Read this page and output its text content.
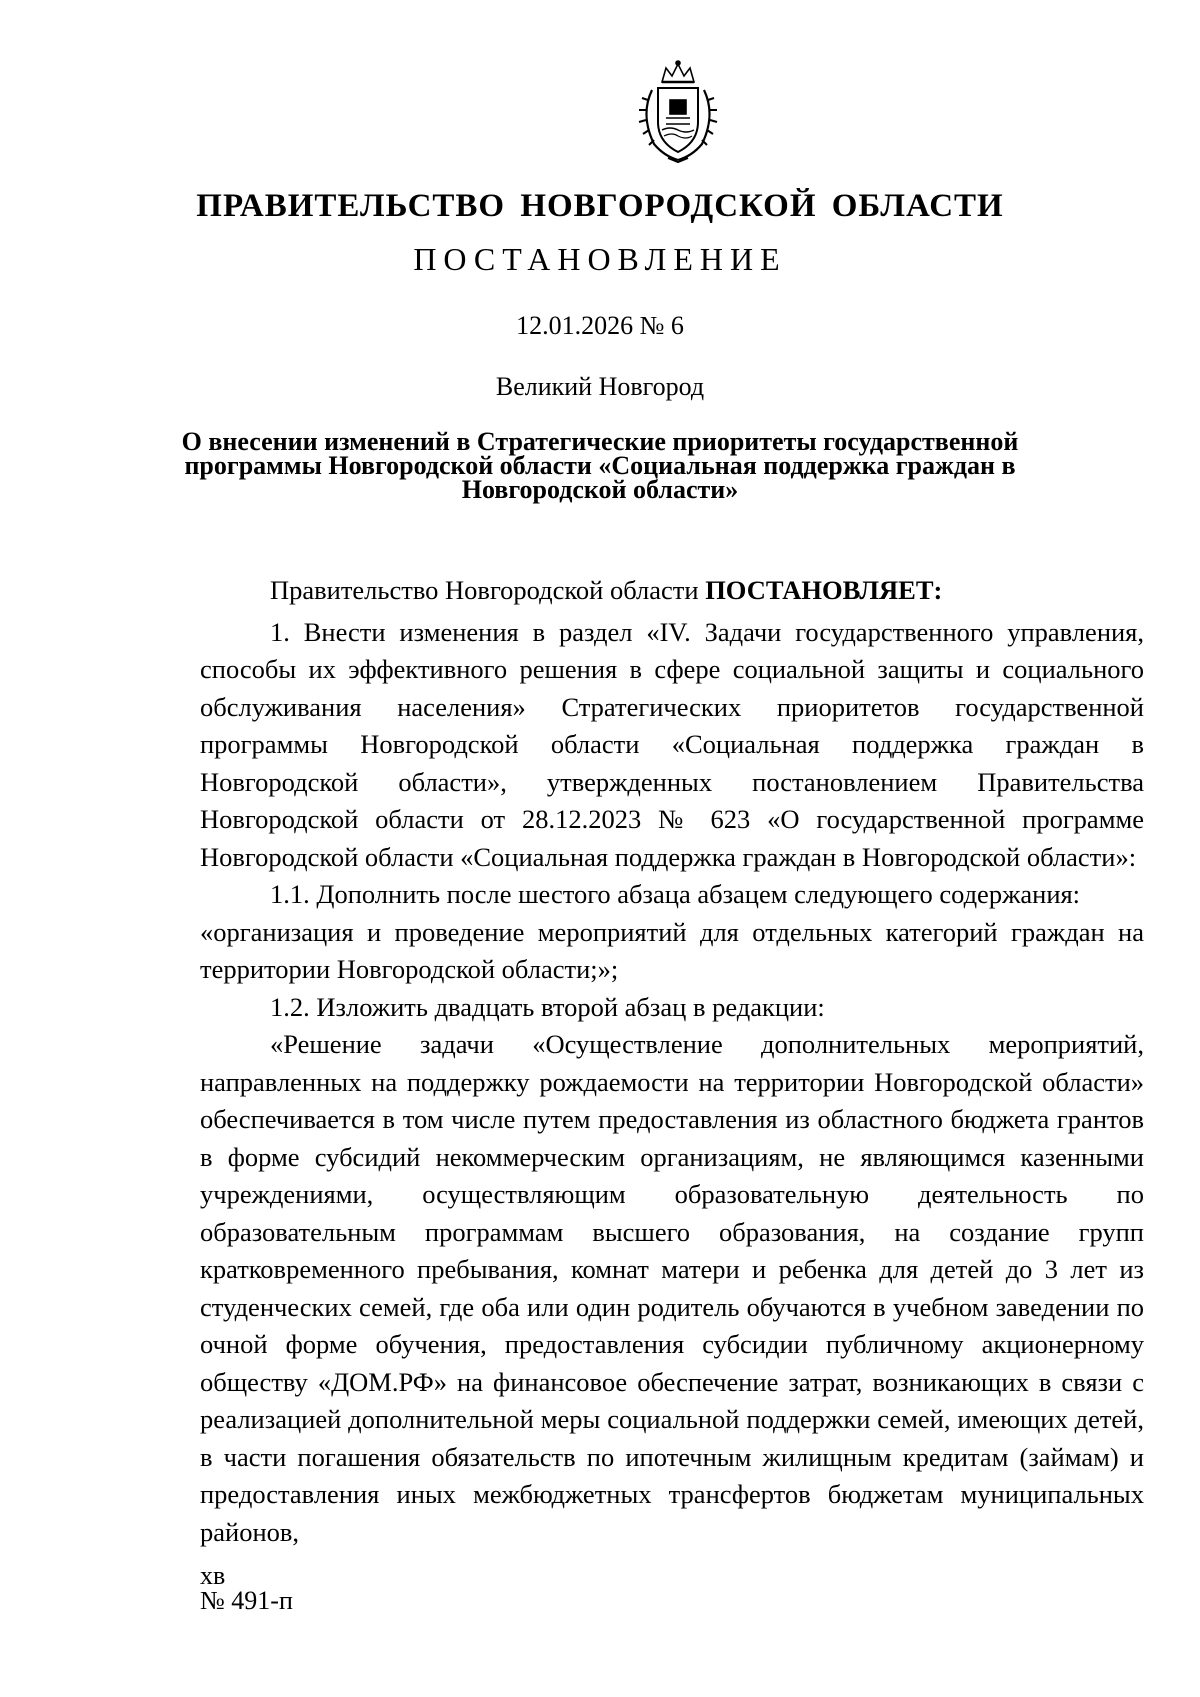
ПРАВИТЕЛЬСТВО НОВГОРОДСКОЙ ОБЛАСТИ
ПОСТАНОВЛЕНИЕ
12.01.2026 № 6
Великий Новгород
О внесении изменений в Стратегические приоритеты государственной
программы Новгородской области «Социальная поддержка граждан в
Новгородской области»

Правительство Новгородской области ПОСТАНОВЛЯЕТ:

1. Внести изменения в раздел «IV. Задачи государственного управления, способы их эффективного решения в сфере социальной защиты и социального обслуживания населения» Стратегических приоритетов государственной программы Новгородской области «Социальная поддержка граждан в Новгородской области», утвержденных постановлением Правительства Новгородской области от 28.12.2023 № 623 «О государственной программе Новгородской области «Социальная поддержка граждан в Новгородской области»:

1.1. Дополнить после шестого абзаца абзацем следующего содержания:

«организация и проведение мероприятий для отдельных категорий граждан на территории Новгородской области;»;

1.2. Изложить двадцать второй абзац в редакции:

«Решение задачи «Осуществление дополнительных мероприятий, направленных на поддержку рождаемости на территории Новгородской области» обеспечивается в том числе путем предоставления из областного бюджета грантов в форме субсидий некоммерческим организациям, не являющимся казенными учреждениями, осуществляющим образовательную деятельность по образовательным программам высшего образования, на создание групп кратковременного пребывания, комнат матери и ребенка для детей до 3 лет из студенческих семей, где оба или один родитель обучаются в учебном заведении по очной форме обучения, предоставления субсидии публичному акционерному обществу «ДОМ.РФ» на финансовое обеспечение затрат, возникающих в связи с реализацией дополнительной меры социальной поддержки семей, имеющих детей, в части погашения обязательств по ипотечным жилищным кредитам (займам) и предоставления иных межбюджетных трансфертов бюджетам муниципальных районов,

хв
№ 491-п
